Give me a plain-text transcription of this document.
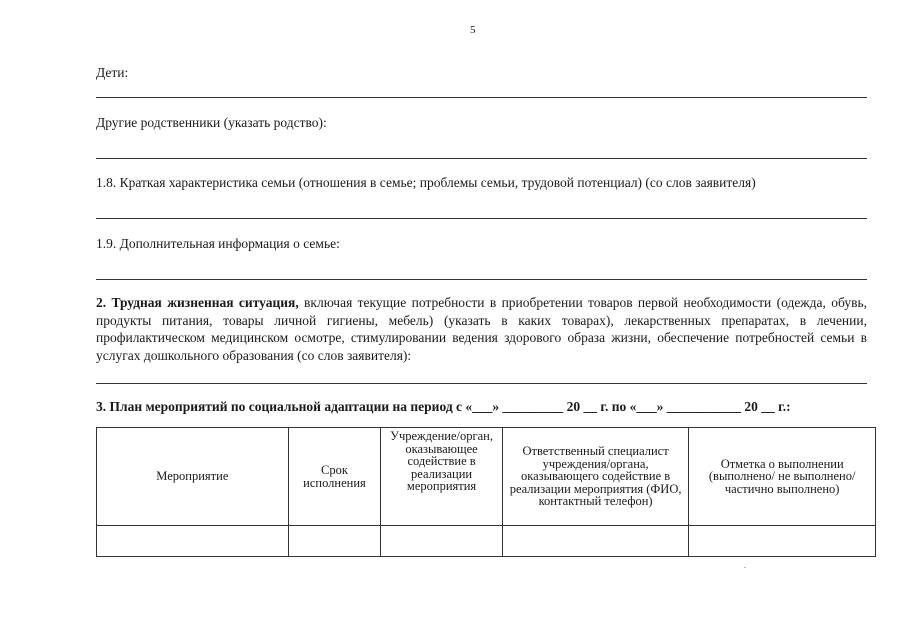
5
Дети:
Другие родственники (указать родство):
1.8. Краткая характеристика семьи (отношения в семье; проблемы семьи, трудовой потенциал) (со слов заявителя)
1.9. Дополнительная информация о семье:

2. Трудная жизненная ситуация, включая текущие потребности в приобретении товаров первой необходимости (одежда, обувь, продукты питания, товары личной гигиены, мебель) (указать в каких товарах), лекарственных препаратах, в лечении, профилактическом медицинском осмотре, стимулировании ведения здорового образа жизни, обеспечение потребностей семьи в услугах дошкольного образования (со слов заявителя):

3. План мероприятий по социальной адаптации на период с «___» _________ 20 __ г. по «___» ___________ 20 __ г.:
Мероприятие	Срок исполнения	Учреждение/орган, оказывающее содействие в реализации мероприятия	Ответственный специалист учреждения/органа, оказывающего содействие в реализации мероприятия (ФИО, контактный телефон)	Отметка о выполнении (выполнено/ не выполнено/ частично выполнено)
